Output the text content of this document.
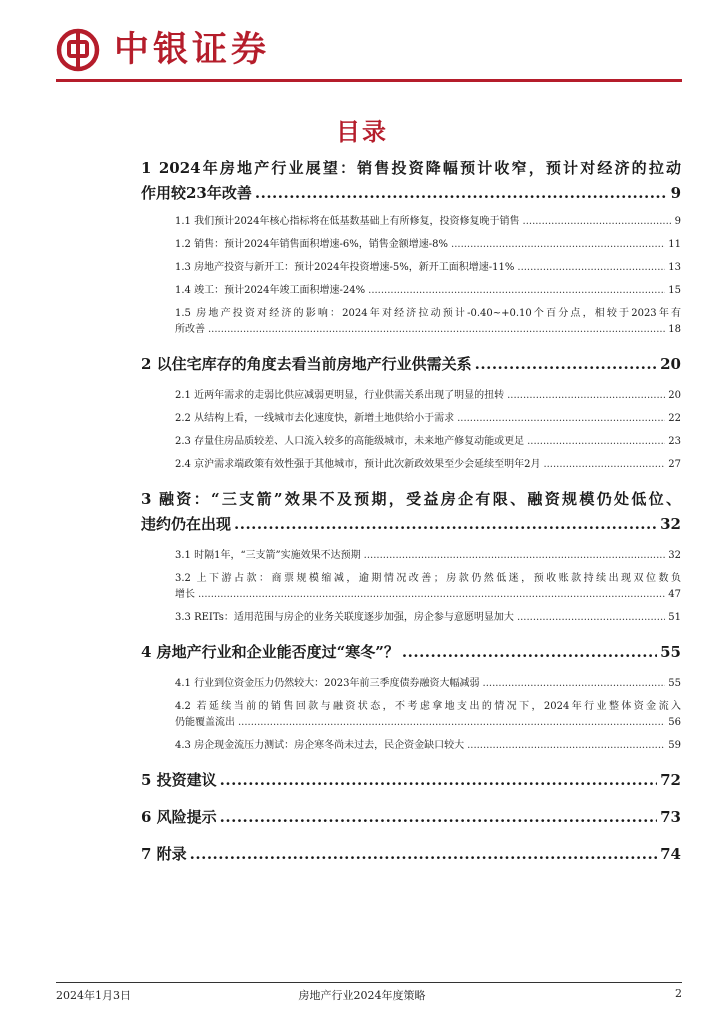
中银证券
目录
1 2024年房地产行业展望：销售投资降幅预计收窄，预计对经济的拉动
作用较23年改善 .....	9
1.1 我们预计2024年核心指标将在低基数基础上有所修复，投资修复晚于销售 .....	9
1.2 销售：预计2024年销售面积增速-6%，销售金额增速-8% .....	11
1.3 房地产投资与新开工：预计2024年投资增速-5%，新开工面积增速-11% .....	13
1.4 竣工：预计2024年竣工面积增速-24% .....	15
1.5 房地产投资对经济的影响：2024年对经济拉动预计-0.40~+0.10个百分点，相较于2023年有
所改善 .....	18
2 以住宅库存的角度去看当前房地产行业供需关系 .....	20
2.1 近两年需求的走弱比供应减弱更明显，行业供需关系出现了明显的扭转 .....	20
2.2 从结构上看，一线城市去化速度快，新增土地供给小于需求 .....	22
2.3 存量住房品质较差、人口流入较多的高能级城市，未来地产修复动能或更足 .....	23
2.4 京沪需求端政策有效性强于其他城市，预计此次新政效果至少会延续至明年2月 .....	27
3 融资：“三支箭”效果不及预期，受益房企有限、融资规模仍处低位、
违约仍在出现 .....	32
3.1 时隔1年，“三支箭”实施效果不达预期 .....	32
3.2 上下游占款：商票规模缩减，逾期情况改善；房款仍然低迷，预收账款持续出现双位数负
增长 .....	47
3.3 REITs：适用范围与房企的业务关联度逐步加强，房企参与意愿明显加大 .....	51
4 房地产行业和企业能否度过“寒冬”？ .....	55
4.1 行业到位资金压力仍然较大：2023年前三季度债券融资大幅减弱 .....	55
4.2 若延续当前的销售回款与融资状态，不考虑拿地支出的情况下，2024年行业整体资金流入
仍能覆盖流出 .....	56
4.3 房企现金流压力测试：房企寒冬尚未过去，民企资金缺口较大 .....	59
5 投资建议 .....	72
6 风险提示 .....	73
7 附录 .....	74
2024年1月3日	房地产行业2024年度策略	2
